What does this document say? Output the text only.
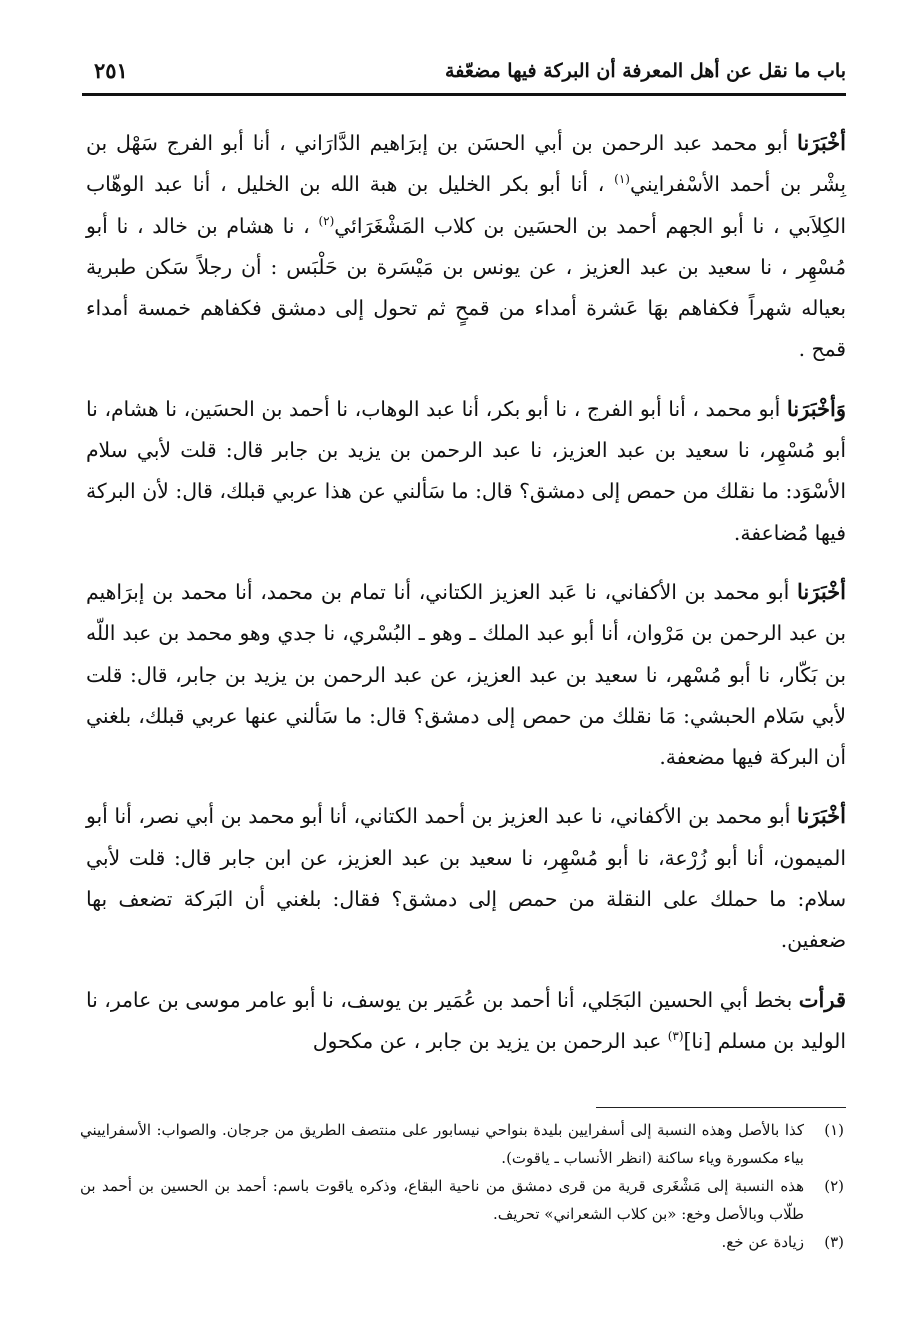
باب ما نقل عن أهل المعرفة أن البركة فيها مضعّفة
٢٥١

أخْبَرَنا أبو محمد عبد الرحمن بن أبي الحسَن بن إبرَاهيم الدَّارَاني ، أنا أبو الفرج سَهْل بن بِشْر بن أحمد الأسْفرايني$^{(١)}$ ، أنا أبو بكر الخليل بن هبة الله بن الخليل ، أنا عبد الوهّاب الكِلاَبي ، نا أبو الجهم أحمد بن الحسَين بن كلاب المَشْغَرَائي$^{(٢)}$ ، نا هشام بن خالد ، نا أبو مُسْهِر ، نا سعيد بن عبد العزيز ، عن يونس بن مَيْسَرة بن حَلْبَس : أن رجلاً سَكن طبرية بعياله شهراً فكفاهم بهَا عَشرة أمداء من قمحٍ ثم تحول إلى دمشق فكفاهم خمسة أمداء قمح .

وَأخْبَرَنا أبو محمد ، أنا أبو الفرج ، نا أبو بكر، أنا عبد الوهاب، نا أحمد بن الحسَين، نا هشام، نا أبو مُسْهِر، نا سعيد بن عبد العزيز، نا عبد الرحمن بن يزيد بن جابر قال: قلت لأبي سلام الأسْوَد: ما نقلك من حمص إلى دمشق؟ قال: ما سَألني عن هذا عربي قبلك، قال: لأن البركة فيها مُضاعفة.

أخْبَرَنا أبو محمد بن الأكفاني، نا عَبد العزيز الكتاني، أنا تمام بن محمد، أنا محمد بن إبرَاهيم بن عبد الرحمن بن مَرْوان، أنا أبو عبد الملك ـ وهو ـ البُسْري، نا جدي وهو محمد بن عبد اللّه بن بَكّار، نا أبو مُسْهر، نا سعيد بن عبد العزيز، عن عبد الرحمن بن يزيد بن جابر، قال: قلت لأبي سَلام الحبشي: مَا نقلك من حمص إلى دمشق؟ قال: ما سَألني عنها عربي قبلك، بلغني أن البركة فيها مضعفة.

أخْبَرَنا أبو محمد بن الأكفاني، نا عبد العزيز بن أحمد الكتاني، أنا أبو محمد بن أبي نصر، أنا أبو الميمون، أنا أبو زُرْعة، نا أبو مُسْهِر، نا سعيد بن عبد العزيز، عن ابن جابر قال: قلت لأبي سلام: ما حملك على النقلة من حمص إلى دمشق؟ فقال: بلغني أن البَركة تضعف بها ضعفين.

قرأت بخط أبي الحسين البَجَلي، أنا أحمد بن عُمَير بن يوسف، نا أبو عامر موسى بن عامر، نا الوليد بن مسلم [نا]$^{(٣)}$ عبد الرحمن بن يزيد بن جابر ، عن مكحول

(١)
كذا بالأصل وهذه النسبة إلى أسفرايين بليدة بنواحي نيسابور على منتصف الطريق من جرجان. والصواب: الأسفراييني بياء مكسورة وياء ساكنة (انظر الأنساب ـ ياقوت).
(٢)
هذه النسبة إلى مَشْغَرى قرية من قرى دمشق من ناحية البقاع، وذكره ياقوت باسم: أحمد بن الحسين بن أحمد بن طلّاب وبالأصل وخع: «بن كلاب الشعراني» تحريف.
(٣)
زيادة عن خع.
